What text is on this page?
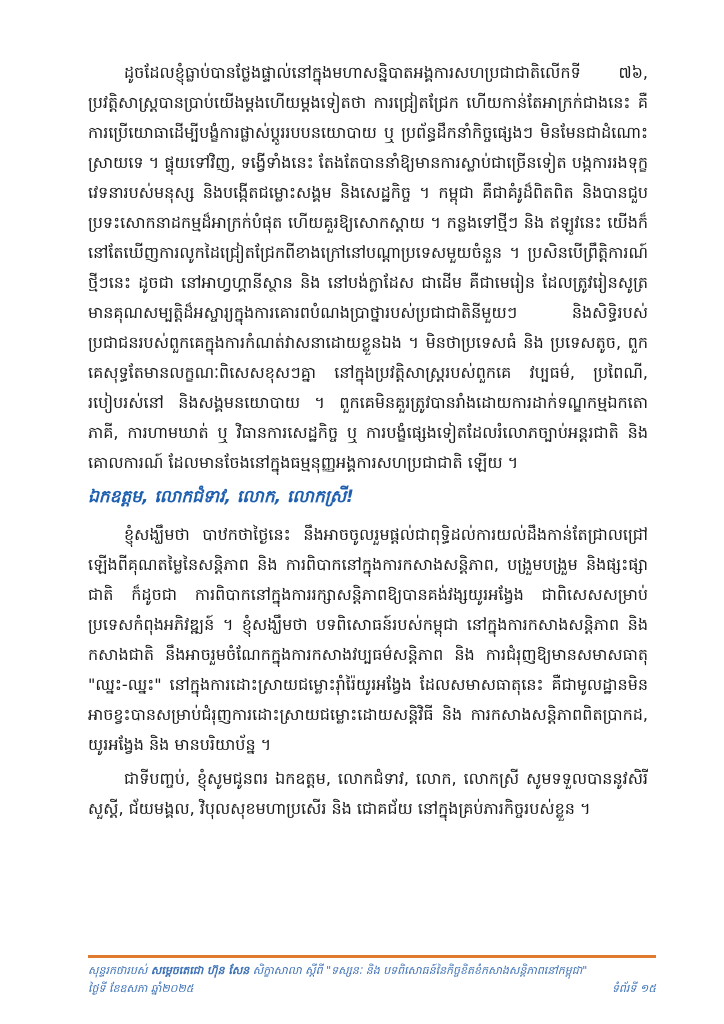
ដូចដែលខ្ញុំធ្លាប់បានថ្លែងផ្ទាល់នៅក្នុងមហាសន្និបាតអង្គការសហប្រជាជាតិលើកទី ៧៦, ប្រវត្តិសាស្ត្របានប្រាប់យើងម្តងហើយម្តងទៀតថា ការជ្រៀតជ្រែក ហើយកាន់តែអាក្រក់ជាងនេះ គឺការប្រើយោធាដើម្បីបង្ខំការផ្លាស់ប្តូររបបនយោបាយ ឬ ប្រព័ន្ធដឹកនាំកិច្ចផ្សេងៗ មិនមែនជាដំណោះស្រាយទេ ។ ផ្ទុយទៅវិញ, ទង្វើទាំងនេះ តែងតែបាននាំឱ្យមានការស្លាប់ជាច្រើនទៀត បង្កការរងទុក្ខវេទនារបស់មនុស្ស និងបង្កើតជម្លោះសង្គម និងសេដ្ឋកិច្ច ។ កម្ពុជា គឺជាគំរូដ៏ពិតពិត និងបានជួបប្រទះសោកនាដកម្មដ៏អាក្រក់បំផុត ហើយគួរឱ្យសោកស្តាយ ។ កន្លងទៅថ្មីៗ និង ឥឡូវនេះ យើងក៏នៅតែឃើញការលូកដៃជ្រៀតជ្រែកពីខាងក្រៅនៅបណ្តាប្រទេសមួយចំនួន ។ ប្រសិនបើព្រឹត្តិការណ៍ថ្មីៗនេះ ដូចជា នៅអាហ្វហ្គានីស្ថាន និង នៅបង់ក្លាដែស ជាដើម គឺជាមេរៀន ដែលត្រូវរៀនសូត្រ មានគុណសម្បត្តិដ៏អស្ចារ្យក្នុងការគោរពបំណងប្រាថ្នារបស់ប្រជាជាតិនីមួយៗ និងសិទ្ធិរបស់ប្រជាជនរបស់ពួកគេក្នុងការកំណត់វាសនាដោយខ្លួនឯង ។ មិនថាប្រទេសធំ និង ប្រទេសតូច, ពួកគេសុទ្ធតែមានលក្ខណៈពិសេសខុសៗគ្នា នៅក្នុងប្រវត្តិសាស្ត្ររបស់ពួកគេ វប្បធម៌, ប្រពៃណី, របៀបរស់នៅ និងសង្គមនយោបាយ ។ ពួកគេមិនគួរត្រូវបានរាំងដោយការដាក់ទណ្ឌកម្មឯកតោភាគី, ការហាមឃាត់ ឬ វិធានការសេដ្ឋកិច្ច ឬ ការបង្ខំផ្សេងទៀតដែលរំលោភច្បាប់អន្តរជាតិ និងគោលការណ៍ ដែលមានចែងនៅក្នុងធម្មនុញ្ញអង្គការសហប្រជាជាតិ ឡើយ ។

ឯកឧត្តម, លោកជំទាវ, លោក, លោកស្រី!

ខ្ញុំសង្ឃឹមថា បាឋកថាថ្ងៃនេះ នឹងអាចចូលរួមផ្តល់ជាពុទ្ធិដល់ការយល់ដឹងកាន់តែជ្រាលជ្រៅឡើងពីគុណតម្លៃនៃសន្តិភាព និង ការពិបាកនៅក្នុងការកសាងសន្តិភាព, បង្រួមបង្រួម និងផ្សះផ្សាជាតិ ក៏ដូចជា ការពិបាកនៅក្នុងការរក្សាសន្តិភាពឱ្យបានគង់វង្សយូរអង្វែង ជាពិសេសសម្រាប់ប្រទេសកំពុងអភិវឌ្ឍន៍ ។ ខ្ញុំសង្ឃឹមថា បទពិសោធន៍របស់កម្ពុជា នៅក្នុងការកសាងសន្តិភាព និង កសាងជាតិ នឹងអាចរួមចំណែកក្នុងការកសាងវប្បធម៌សន្តិភាព និង ការជំរុញឱ្យមានសមាសធាតុ "ឈ្នះ-ឈ្នះ" នៅក្នុងការដោះស្រាយជម្លោះរ៉ាំរ៉ៃយូរអង្វែង ដែលសមាសធាតុនេះ គឺជាមូលដ្ឋានមិនអាចខ្វះបានសម្រាប់ជំរុញការដោះស្រាយជម្លោះដោយសន្តិវិធី និង ការកសាងសន្តិភាពពិតប្រាកដ, យូរអង្វែង និង មានបរិយាប័ន្ន ។

ជាទីបញ្ចប់, ខ្ញុំសូមជូនពរ ឯកឧត្តម, លោកជំទាវ, លោក, លោកស្រី សូមទទួលបាននូវសិរីសួស្តី, ជ័យមង្គល, វិបុលសុខមហាប្រសើរ និង ជោគជ័យ នៅក្នុងគ្រប់ភារកិច្ចរបស់ខ្លួន ។

សុន្ទរកថារបស់ សម្តេចតេជោ ហ៊ុន សែន សិក្ខាសាលា ស្តីពី "ទស្សនៈ និង បទពិសោធន៍នៃកិច្ចខិតខំកសាងសន្តិភាពនៅកម្ពុជា"
ថ្ងៃទី ខែឧសភា ឆ្នាំ២០២៥	ទំព័រទី ១៥
